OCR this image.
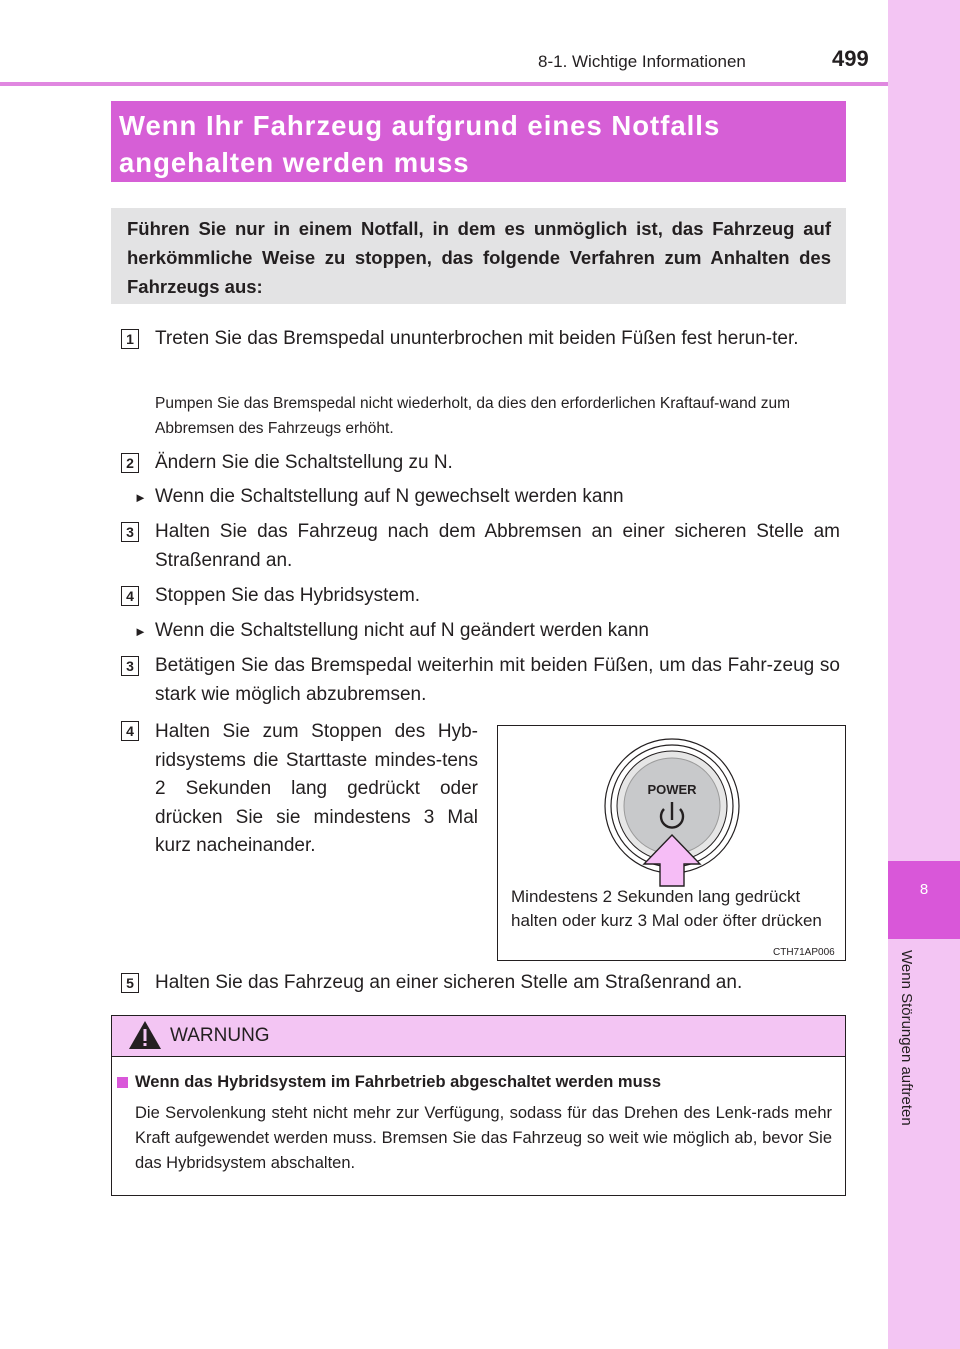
8-1. Wichtige Informationen	499
8
Wenn Störungen auftreten
Wenn Ihr Fahrzeug aufgrund eines Notfalls
angehalten werden muss
Führen Sie nur in einem Notfall, in dem es unmöglich ist, das Fahrzeug auf herkömmliche Weise zu stoppen, das folgende Verfahren zum Anhalten des Fahrzeugs aus:
1 Treten Sie das Bremspedal ununterbrochen mit beiden Füßen fest herun-ter.
Pumpen Sie das Bremspedal nicht wiederholt, da dies den erforderlichen Kraftauf-wand zum Abbremsen des Fahrzeugs erhöht.
2 Ändern Sie die Schaltstellung zu N.
► Wenn die Schaltstellung auf N gewechselt werden kann
3 Halten Sie das Fahrzeug nach dem Abbremsen an einer sicheren Stelle am Straßenrand an.
4 Stoppen Sie das Hybridsystem.
► Wenn die Schaltstellung nicht auf N geändert werden kann
3 Betätigen Sie das Bremspedal weiterhin mit beiden Füßen, um das Fahr-zeug so stark wie möglich abzubremsen.
4 Halten Sie zum Stoppen des Hyb-ridsystems die Starttaste mindes-tens 2 Sekunden lang gedrückt oder drücken Sie sie mindestens 3 Mal kurz nacheinander.
POWER
Mindestens 2 Sekunden lang gedrückt halten oder kurz 3 Mal oder öfter drücken
CTH71AP006
5 Halten Sie das Fahrzeug an einer sicheren Stelle am Straßenrand an.
WARNUNG
Wenn das Hybridsystem im Fahrbetrieb abgeschaltet werden muss
Die Servolenkung steht nicht mehr zur Verfügung, sodass für das Drehen des Lenk-rads mehr Kraft aufgewendet werden muss. Bremsen Sie das Fahrzeug so weit wie möglich ab, bevor Sie das Hybridsystem abschalten.
